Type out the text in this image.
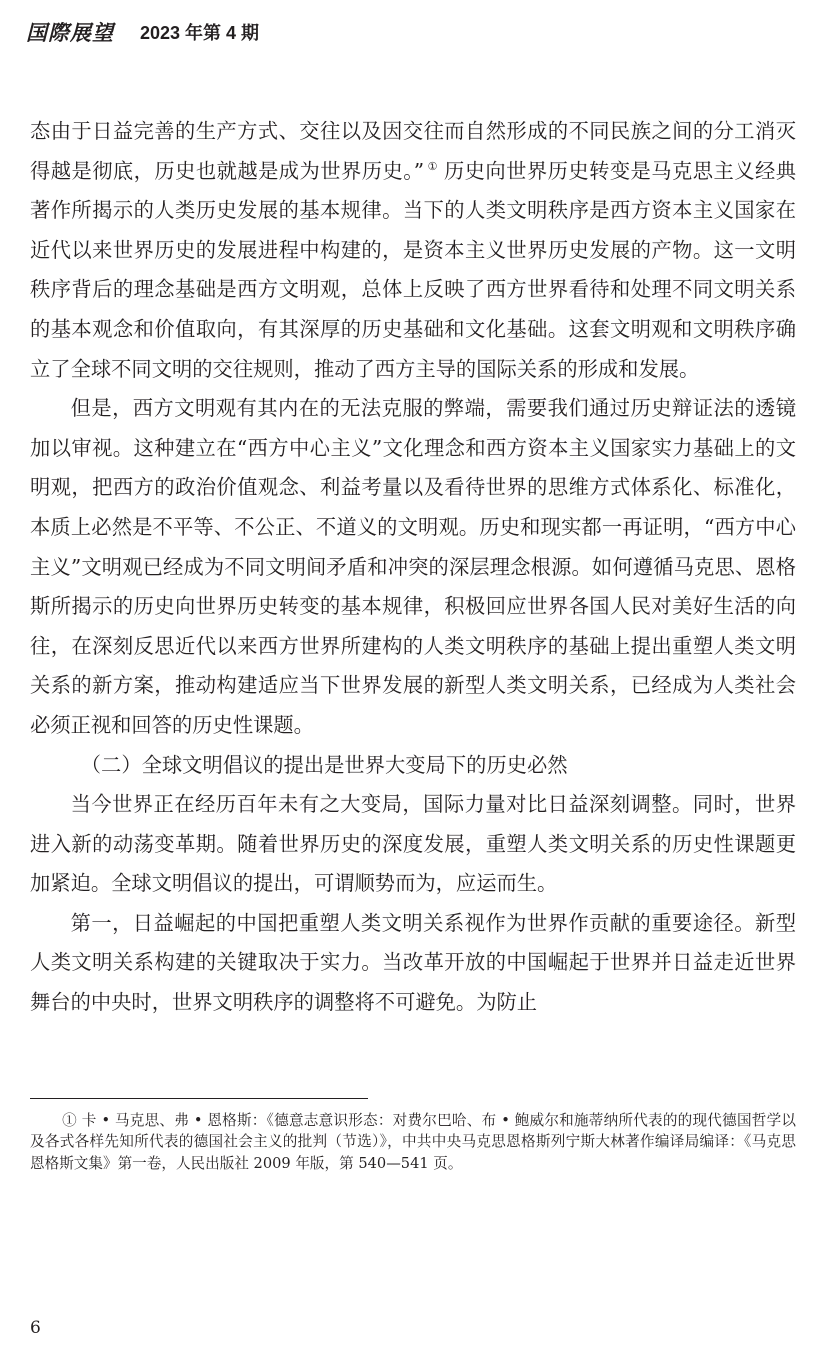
国際展望 2023 年第 4 期

态由于日益完善的生产方式、交往以及因交往而自然形成的不同民族之间的分工消灭得越是彻底，历史也就越是成为世界历史。” ① 历史向世界历史转变是马克思主义经典著作所揭示的人类历史发展的基本规律。当下的人类文明秩序是西方资本主义国家在近代以来世界历史的发展进程中构建的，是资本主义世界历史发展的产物。这一文明秩序背后的理念基础是西方文明观，总体上反映了西方世界看待和处理不同文明关系的基本观念和价值取向，有其深厚的历史基础和文化基础。这套文明观和文明秩序确立了全球不同文明的交往规则，推动了西方主导的国际关系的形成和发展。

但是，西方文明观有其内在的无法克服的弊端，需要我们通过历史辩证法的透镜加以审视。这种建立在“西方中心主义”文化理念和西方资本主义国家实力基础上的文明观，把西方的政治价值观念、利益考量以及看待世界的思维方式体系化、标准化，本质上必然是不平等、不公正、不道义的文明观。历史和现实都一再证明，“西方中心主义”文明观已经成为不同文明间矛盾和冲突的深层理念根源。如何遵循马克思、恩格斯所揭示的历史向世界历史转变的基本规律，积极回应世界各国人民对美好生活的向往，在深刻反思近代以来西方世界所建构的人类文明秩序的基础上提出重塑人类文明关系的新方案，推动构建适应当下世界发展的新型人类文明关系，已经成为人类社会必须正视和回答的历史性课题。

（二）全球文明倡议的提出是世界大变局下的历史必然

当今世界正在经历百年未有之大变局，国际力量对比日益深刻调整。同时，世界进入新的动荡变革期。随着世界历史的深度发展，重塑人类文明关系的历史性课题更加紧迫。全球文明倡议的提出，可谓顺势而为，应运而生。

第一，日益崛起的中国把重塑人类文明关系视作为世界作贡献的重要途径。新型人类文明关系构建的关键取决于实力。当改革开放的中国崛起于世界并日益走近世界舞台的中央时，世界文明秩序的调整将不可避免。为防止

① 卡 • 马克思、弗 • 恩格斯：《德意志意识形态：对费尔巴哈、布 • 鲍威尔和施蒂纳所代表的的现代德国哲学以及各式各样先知所代表的德国社会主义的批判（节选）》，中共中央马克思恩格斯列宁斯大林著作编译局编译：《马克思恩格斯文集》第一卷，人民出版社 2009 年版，第 540—541 页。

6
